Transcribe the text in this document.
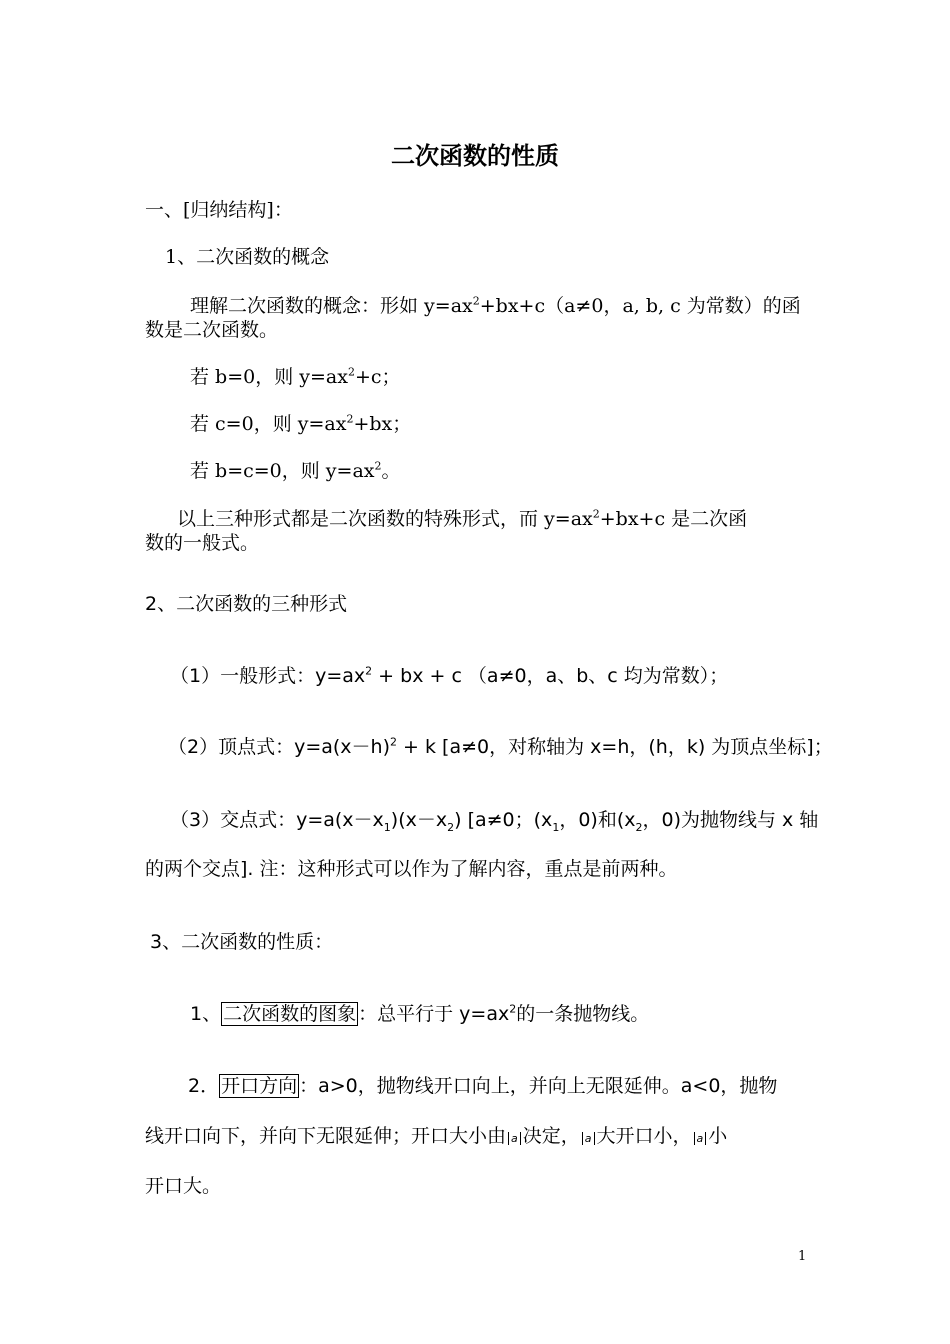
二次函数的性质
一、[归纳结构]：
1、二次函数的概念
理解二次函数的概念：形如 $y=ax^2+bx+c(a\ne 0$，a, b, c 为常数）的函
数是二次函数。
若 b=0，则 $y=ax^2+c$；
若 c=0，则 $y=ax^2+bx$；
若 b=c=0，则 $y=ax^2$。
以上三种形式都是二次函数的特殊形式，而 $y=ax^2+bx+c$ 是二次函
数的一般式。
2、二次函数的三种形式
（1）一般形式：$y=ax^2$ + bx + c （a≠0，a、b、c 均为常数）；
（2）顶点式：$y=a(x-h)^2 + k$ [a≠0，对称轴为 x=h，(h，k) 为顶点坐标]；
（3）交点式：$y=a(x-x_1)(x-x_2)$ [a≠0；($x_1$，0)和($x_2$，0)为抛物线与 x 轴
的两个交点]. 注：这种形式可以作为了解内容，重点是前两种。
3、二次函数的性质：
1、 二次函数的图象 ：总平行于 $y=ax^2$的一条抛物线。
2． 开口方向 ：a>0，抛物线开口向上，并向上无限延伸。a<0，抛物
线开口向下，并向下无限延伸；开口大小由 a 决定， a 大开口小， a 小
开口大。
1
